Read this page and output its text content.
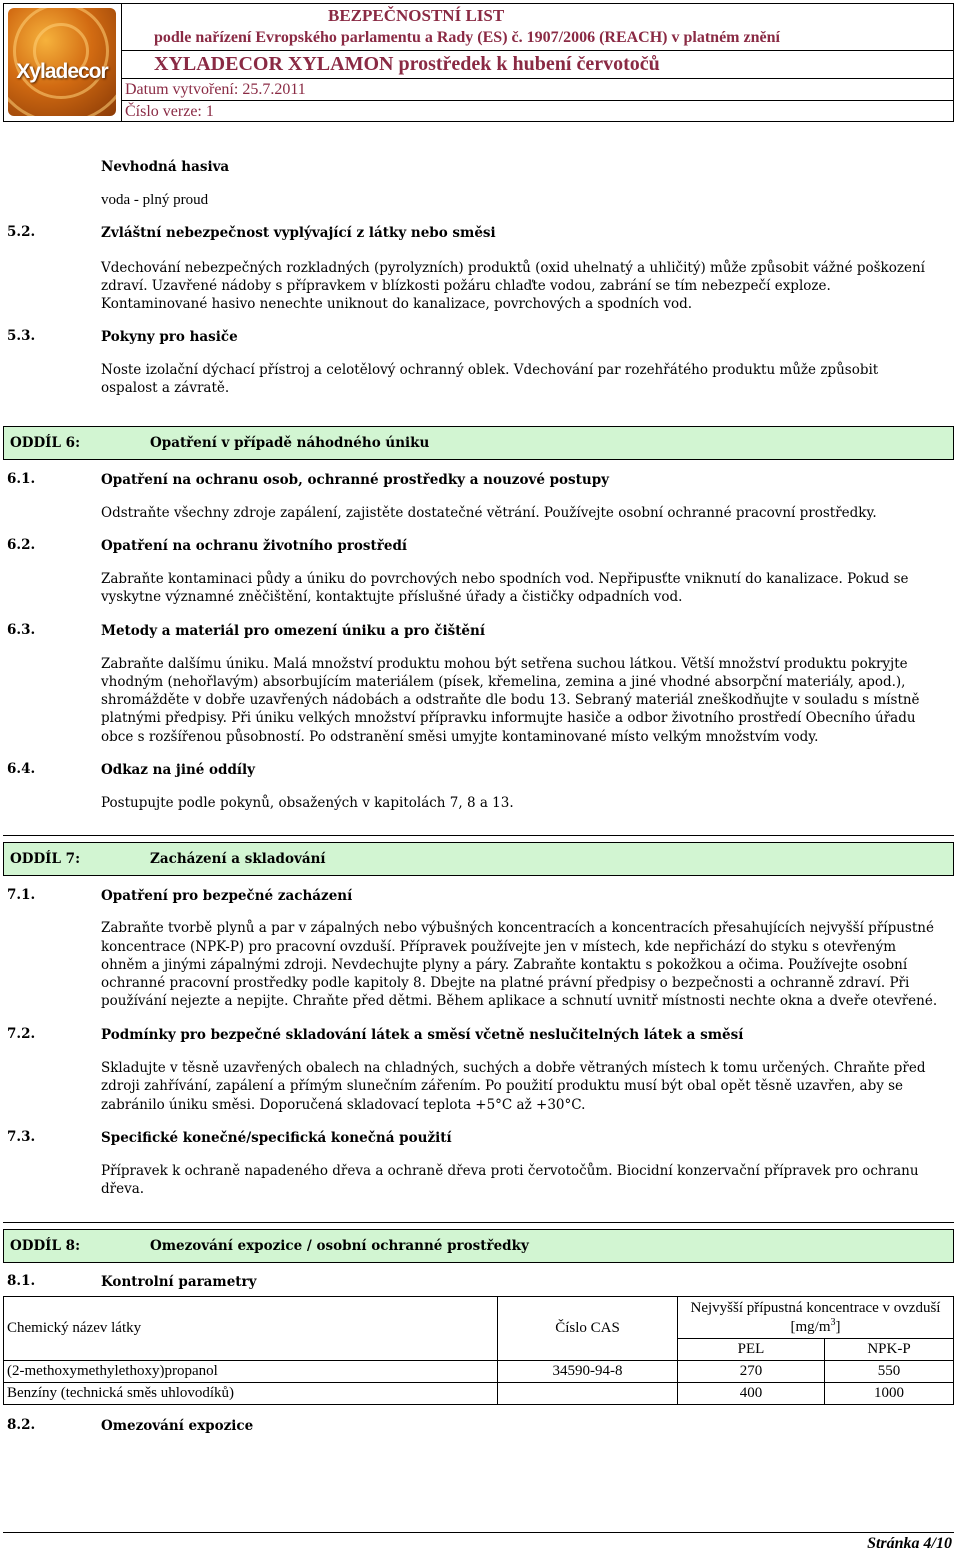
Xyladecor
BEZPEČNOSTNÍ LIST
podle nařízení Evropského parlamentu a Rady (ES) č. 1907/2006 (REACH) v platném znění
XYLADECOR XYLAMON prostředek k hubení červotočů
Datum vytvoření: 25.7.2011
Číslo verze: 1
Nevhodná hasiva
voda - plný proud
5.2.	Zvláštní nebezpečnost vyplývající z látky nebo směsi
Vdechování nebezpečných rozkladných (pyrolyzních) produktů (oxid uhelnatý a uhličitý) může způsobit vážné poškození
zdraví. Uzavřené nádoby s přípravkem v blízkosti požáru chlaďte vodou, zabrání se tím nebezpečí exploze.
Kontaminované hasivo nenechte uniknout do kanalizace, povrchových a spodních vod.
5.3.	Pokyny pro hasiče
Noste izolační dýchací přístroj a celotělový ochranný oblek. Vdechování par rozehřátého produktu může způsobit
ospalost a závratě.
ODDÍL 6:	Opatření v případě náhodného úniku
6.1.	Opatření na ochranu osob, ochranné prostředky a nouzové postupy
Odstraňte všechny zdroje zapálení, zajistěte dostatečné větrání. Používejte osobní ochranné pracovní prostředky.
6.2.	Opatření na ochranu životního prostředí
Zabraňte kontaminaci půdy a úniku do povrchových nebo spodních vod. Nepřipusťte vniknutí do kanalizace. Pokud se
vyskytne významné zněčištění, kontaktujte příslušné úřady a čističky odpadních vod.
6.3.	Metody a materiál pro omezení úniku a pro čištění
Zabraňte dalšímu úniku. Malá množství produktu mohou být setřena suchou látkou. Větší množství produktu pokryjte
vhodným (nehořlavým) absorbujícím materiálem (písek, křemelina, zemina a jiné vhodné absorpční materiály, apod.),
shromážděte v dobře uzavřených nádobách a odstraňte dle bodu 13. Sebraný materiál zneškodňujte v souladu s místně
platnými předpisy. Při úniku velkých množství přípravku informujte hasiče a odbor životního prostředí Obecního úřadu
obce s rozšířenou působností. Po odstranění směsi umyjte kontaminované místo velkým množstvím vody.
6.4.	Odkaz na jiné oddíly
Postupujte podle pokynů, obsažených v kapitolách 7, 8 a 13.
ODDÍL 7:	Zacházení a skladování
7.1.	Opatření pro bezpečné zacházení
Zabraňte tvorbě plynů a par v zápalných nebo výbušných koncentracích a koncentracích přesahujících nejvyšší přípustné
koncentrace (NPK-P) pro pracovní ovzduší. Přípravek používejte jen v místech, kde nepřichází do styku s otevřeným
ohněm a jinými zápalnými zdroji. Nevdechujte plyny a páry. Zabraňte kontaktu s pokožkou a očima. Používejte osobní
ochranné pracovní prostředky podle kapitoly 8. Dbejte na platné právní předpisy o bezpečnosti a ochranně zdraví. Při
používání nejezte a nepijte. Chraňte před dětmi. Během aplikace a schnutí uvnitř místnosti nechte okna a dveře otevřené.
7.2.	Podmínky pro bezpečné skladování látek a směsí včetně neslučitelných látek a směsí
Skladujte v těsně uzavřených obalech na chladných, suchých a dobře větraných místech k tomu určených. Chraňte před
zdroji zahřívání, zapálení a přímým slunečním zářením. Po použití produktu musí být obal opět těsně uzavřen, aby se
zabránilo úniku směsi. Doporučená skladovací teplota +5°C až +30°C.
7.3.	Specifické konečné/specifická konečná použití
Přípravek k ochraně napadeného dřeva a ochraně dřeva proti červotočům. Biocidní konzervační přípravek pro ochranu
dřeva.
ODDÍL 8:	Omezování expozice / osobní ochranné prostředky
8.1.	Kontrolní parametry
Chemický název látky	Číslo CAS	Nejvyšší přípustná koncentrace v ovzduší $[mg/m^3]$	
		PEL	NPK-P
(2-methoxymethylethoxy)propanol	34590-94-8	270	550
Benzíny (technická směs uhlovodíků)		400	1000
8.2.	Omezování expozice
Stránka 4/10
